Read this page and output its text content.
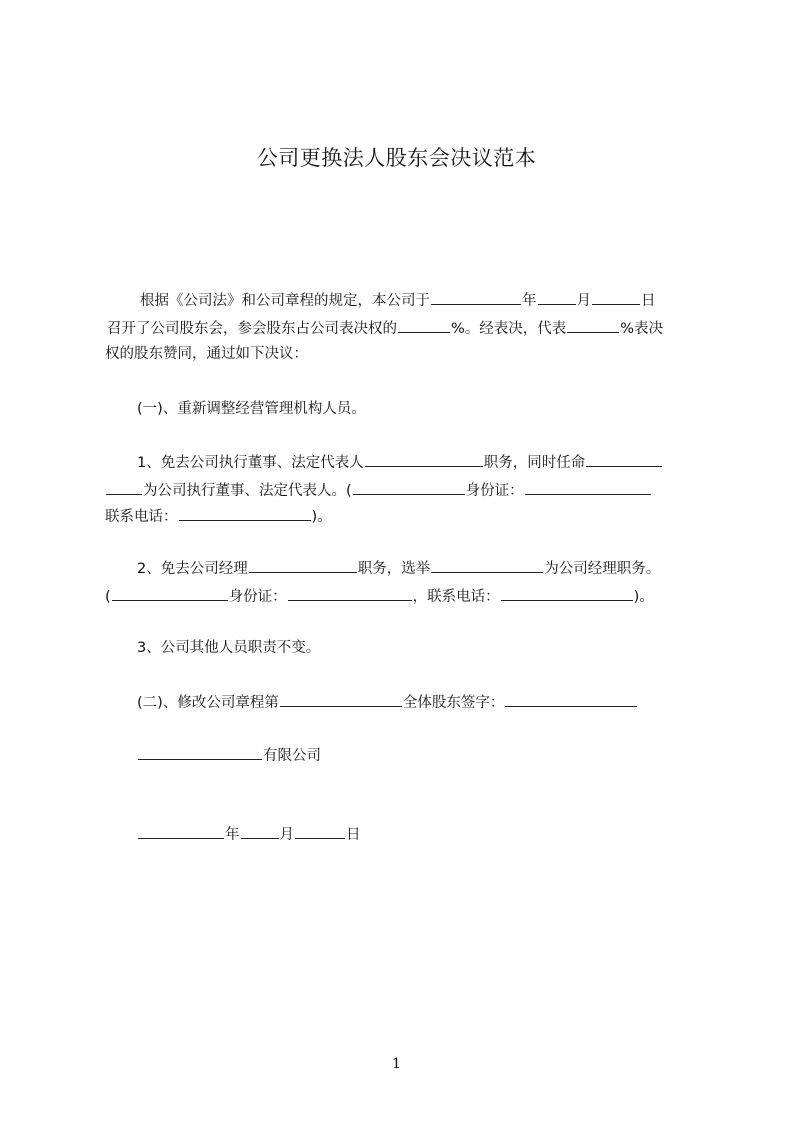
公司更换法人股东会决议范本
根据《公司法》和公司章程的规定，本公司于	年	月	日
召开了公司股东会，参会股东占公司表决权的	%。经表决，代表	%表决
权的股东赞同，通过如下决议：
(一)、重新调整经营管理机构人员。
1、免去公司执行董事、法定代表人	职务，同时任命
为公司执行董事、法定代表人。(	身份证：
联系电话：	)。
2、免去公司经理	职务，选举	为公司经理职务。
(	身份证：	，联系电话：	)。
3、公司其他人员职责不变。
(二)、修改公司章程第	全体股东签字：
有限公司
年	月	日
1
